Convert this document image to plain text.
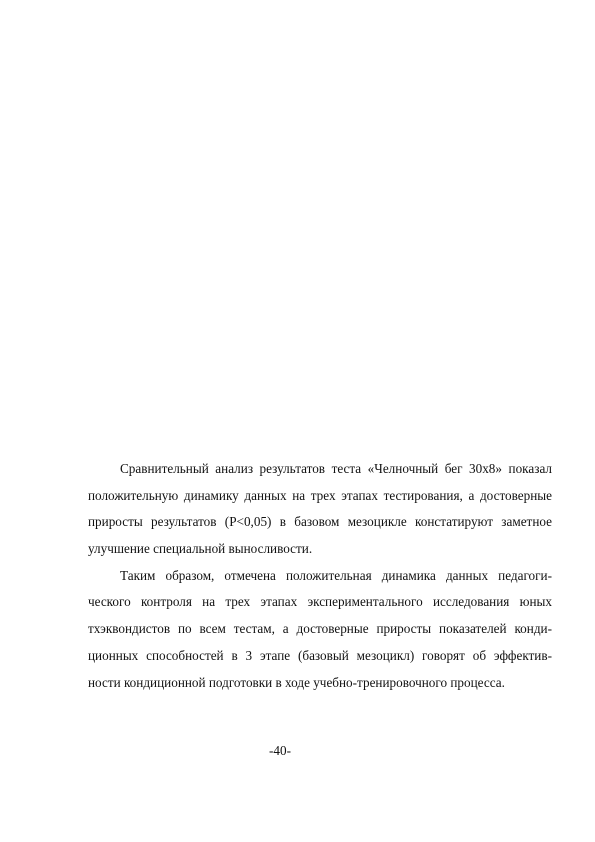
Сравнительный анализ результатов теста «Челночный бег 30х8» показал
положительную динамику данных на трех этапах тестирования, а достоверные
приросты результатов (Р<0,05) в базовом мезоцикле констатируют заметное
улучшение специальной выносливости.

Таким образом, отмечена положительная динамика данных педагоги-
ческого контроля на трех этапах экспериментального исследования юных
тхэквондистов по всем тестам, а достоверные приросты показателей конди-
ционных способностей в 3 этапе (базовый мезоцикл) говорят об эффектив-
ности кондиционной подготовки в ходе учебно-тренировочного процесса.

-40-
